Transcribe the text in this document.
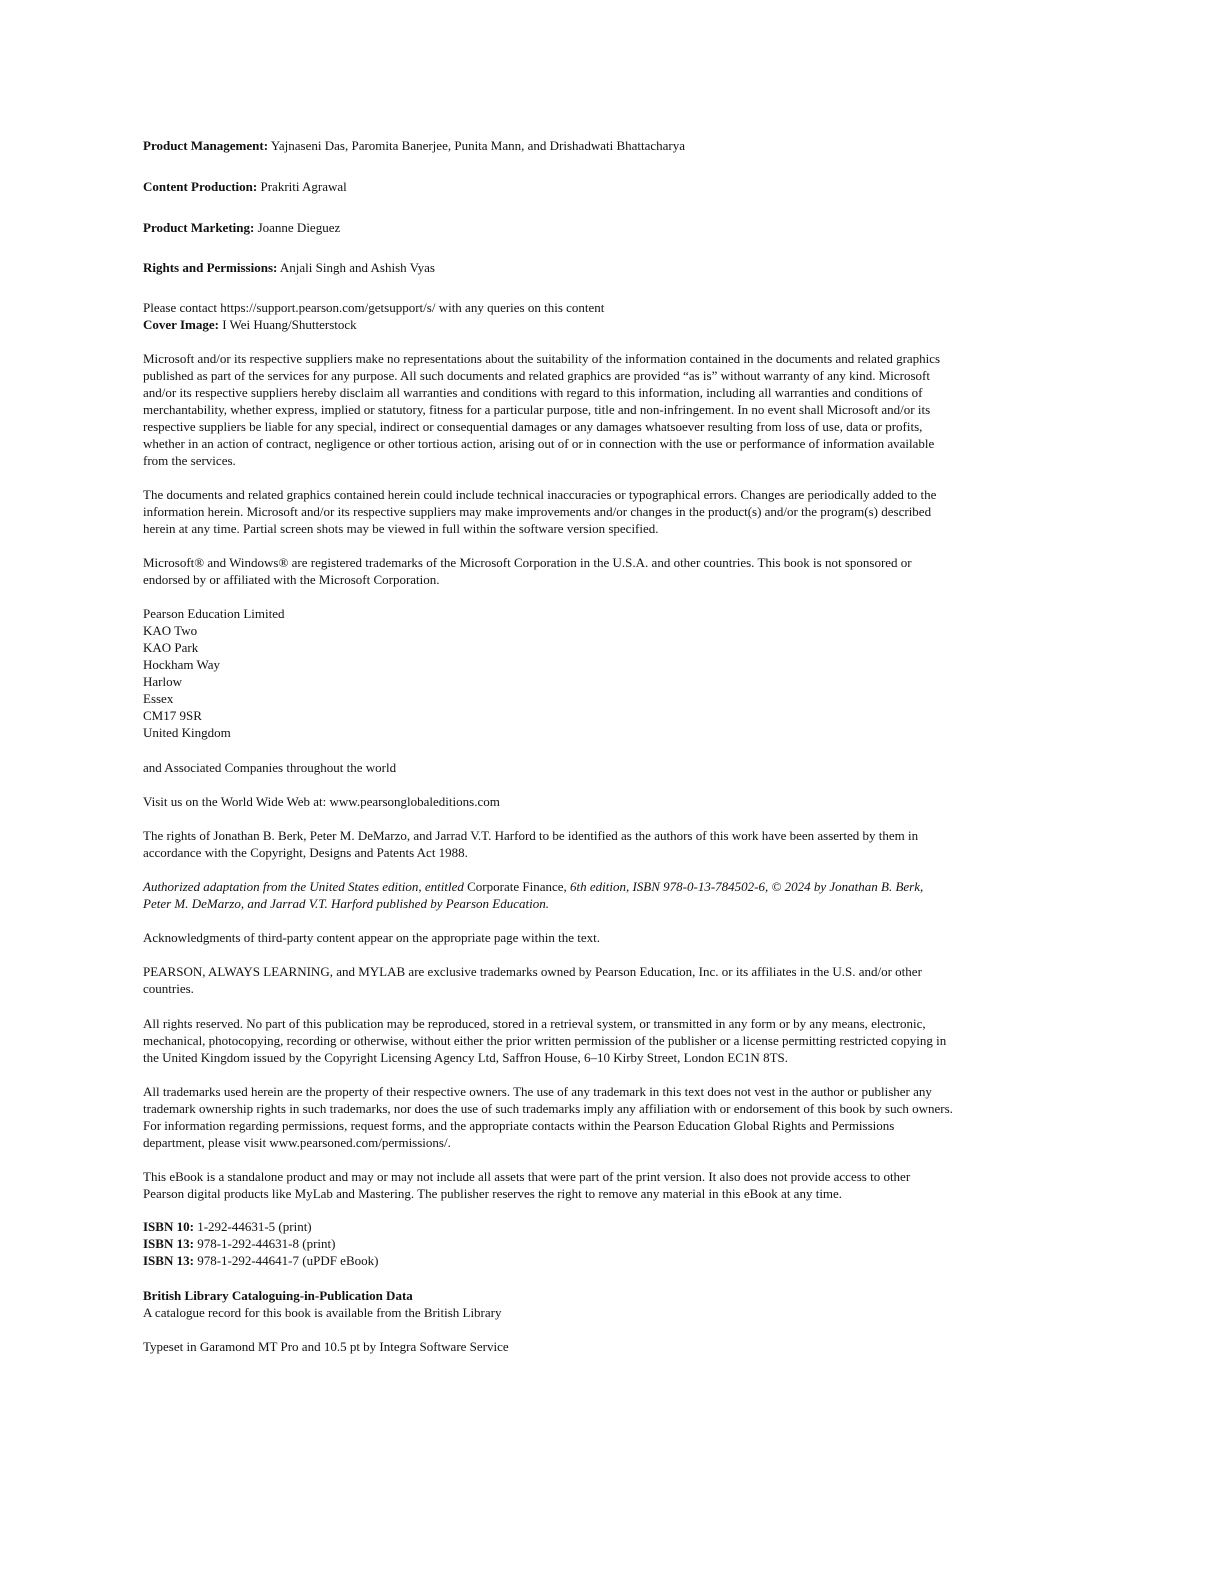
Product Management: Yajnaseni Das, Paromita Banerjee, Punita Mann, and Drishadwati Bhattacharya
Content Production: Prakriti Agrawal
Product Marketing: Joanne Dieguez
Rights and Permissions: Anjali Singh and Ashish Vyas
Please contact https://support.pearson.com/getsupport/s/ with any queries on this content
Cover Image: I Wei Huang/Shutterstock
Microsoft and/or its respective suppliers make no representations about the suitability of the information contained in the documents and related graphics
published as part of the services for any purpose. All such documents and related graphics are provided “as is” without warranty of any kind. Microsoft
and/or its respective suppliers hereby disclaim all warranties and conditions with regard to this information, including all warranties and conditions of
merchantability, whether express, implied or statutory, fitness for a particular purpose, title and non-infringement. In no event shall Microsoft and/or its
respective suppliers be liable for any special, indirect or consequential damages or any damages whatsoever resulting from loss of use, data or profits,
whether in an action of contract, negligence or other tortious action, arising out of or in connection with the use or performance of information available
from the services.
The documents and related graphics contained herein could include technical inaccuracies or typographical errors. Changes are periodically added to the
information herein. Microsoft and/or its respective suppliers may make improvements and/or changes in the product(s) and/or the program(s) described
herein at any time. Partial screen shots may be viewed in full within the software version specified.
Microsoft® and Windows® are registered trademarks of the Microsoft Corporation in the U.S.A. and other countries. This book is not sponsored or
endorsed by or affiliated with the Microsoft Corporation.
Pearson Education Limited
KAO Two
KAO Park
Hockham Way
Harlow
Essex
CM17 9SR
United Kingdom
and Associated Companies throughout the world
Visit us on the World Wide Web at: www.pearsonglobaleditions.com
The rights of Jonathan B. Berk, Peter M. DeMarzo, and Jarrad V.T. Harford to be identified as the authors of this work have been asserted by them in
accordance with the Copyright, Designs and Patents Act 1988.
Authorized adaptation from the United States edition, entitled Corporate Finance, 6th edition, ISBN 978-0-13-784502-6, © 2024 by Jonathan B. Berk,
Peter M. DeMarzo, and Jarrad V.T. Harford published by Pearson Education.
Acknowledgments of third-party content appear on the appropriate page within the text.
PEARSON, ALWAYS LEARNING, and MYLAB are exclusive trademarks owned by Pearson Education, Inc. or its affiliates in the U.S. and/or other
countries.
All rights reserved. No part of this publication may be reproduced, stored in a retrieval system, or transmitted in any form or by any means, electronic,
mechanical, photocopying, recording or otherwise, without either the prior written permission of the publisher or a license permitting restricted copying in
the United Kingdom issued by the Copyright Licensing Agency Ltd, Saffron House, 6–10 Kirby Street, London EC1N 8TS.
All trademarks used herein are the property of their respective owners. The use of any trademark in this text does not vest in the author or publisher any
trademark ownership rights in such trademarks, nor does the use of such trademarks imply any affiliation with or endorsement of this book by such owners.
For information regarding permissions, request forms, and the appropriate contacts within the Pearson Education Global Rights and Permissions
department, please visit www.pearsoned.com/permissions/.
This eBook is a standalone product and may or may not include all assets that were part of the print version. It also does not provide access to other
Pearson digital products like MyLab and Mastering. The publisher reserves the right to remove any material in this eBook at any time.
ISBN 10: 1-292-44631-5 (print)
ISBN 13: 978-1-292-44631-8 (print)
ISBN 13: 978-1-292-44641-7 (uPDF eBook)
British Library Cataloguing-in-Publication Data
A catalogue record for this book is available from the British Library
Typeset in Garamond MT Pro and 10.5 pt by Integra Software Service
